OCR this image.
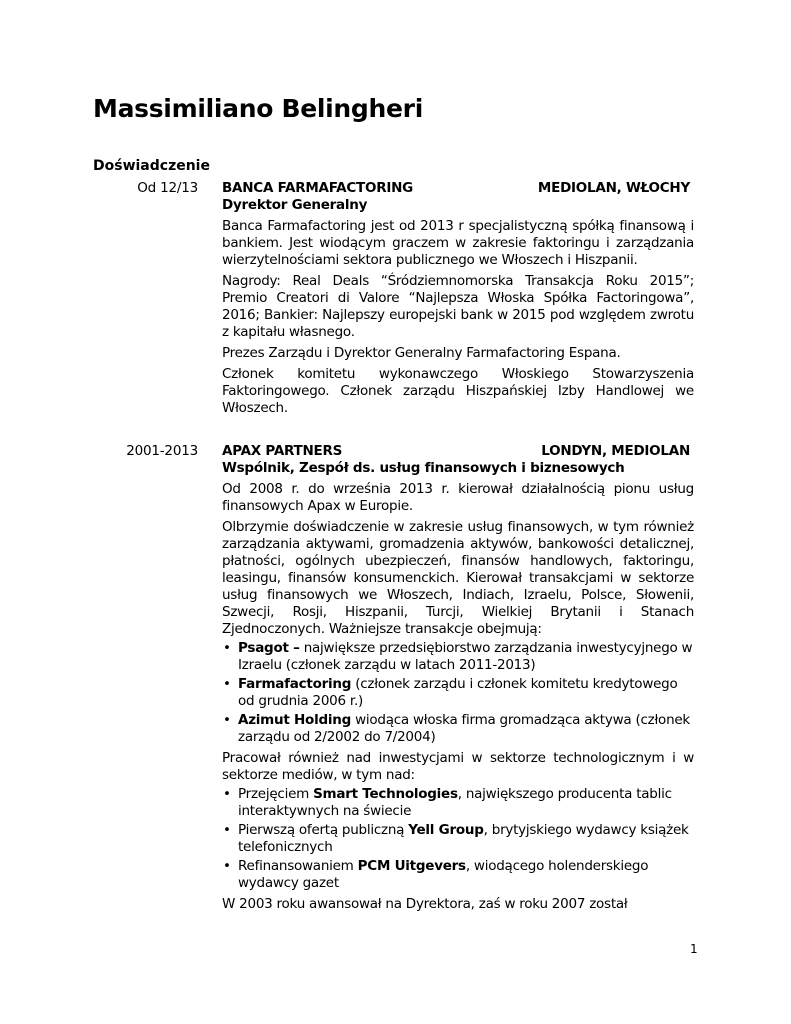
Massimiliano Belingheri
Doświadczenie
Od 12/13 BANCA FARMAFACTORING	MEDIOLAN, WŁOCHY
Dyrektor Generalny

Banca Farmafactoring jest od 2013 r specjalistyczną spółką finansową i bankiem. Jest wiodącym graczem w zakresie faktoringu i zarządzania wierzytelnościami sektora publicznego we Włoszech i Hiszpanii.

Nagrody: Real Deals “Śródziemnomorska Transakcja Roku 2015”; Premio Creatori di Valore “Najlepsza Włoska Spółka Factoringowa”, 2016; Bankier: Najlepszy europejski bank w 2015 pod względem zwrotu z kapitału własnego.

Prezes Zarządu i Dyrektor Generalny Farmafactoring Espana.

Członek komitetu wykonawczego Włoskiego Stowarzyszenia Faktoringowego. Członek zarządu Hiszpańskiej Izby Handlowej we Włoszech.

2001-2013 APAX PARTNERS	LONDYN, MEDIOLAN
Wspólnik, Zespół ds. usług finansowych i biznesowych

Od 2008 r. do września 2013 r. kierował działalnością pionu usług finansowych Apax w Europie.

Olbrzymie doświadczenie w zakresie usług finansowych, w tym również zarządzania aktywami, gromadzenia aktywów, bankowości detalicznej, płatności, ogólnych ubezpieczeń, finansów handlowych, faktoringu, leasingu, finansów konsumenckich. Kierował transakcjami w sektorze usług finansowych we Włoszech, Indiach, Izraelu, Polsce, Słowenii, Szwecji, Rosji, Hiszpanii, Turcji, Wielkiej Brytanii i Stanach Zjednoczonych. Ważniejsze transakcje obejmują:

• Psagot – największe przedsiębiorstwo zarządzania inwestycyjnego w Izraelu (członek zarządu w latach 2011-2013)
• Farmafactoring (członek zarządu i członek komitetu kredytowego od grudnia 2006 r.)
• Azimut Holding wiodąca włoska firma gromadząca aktywa (członek zarządu od 2/2002 do 7/2004)

Pracował również nad inwestycjami w sektorze technologicznym i w sektorze mediów, w tym nad:

• Przejęciem Smart Technologies, największego producenta tablic interaktywnych na świecie
• Pierwszą ofertą publiczną Yell Group, brytyjskiego wydawcy książek telefonicznych
• Refinansowaniem PCM Uitgevers, wiodącego holenderskiego wydawcy gazet

W 2003 roku awansował na Dyrektora, zaś w roku 2007 został

1
